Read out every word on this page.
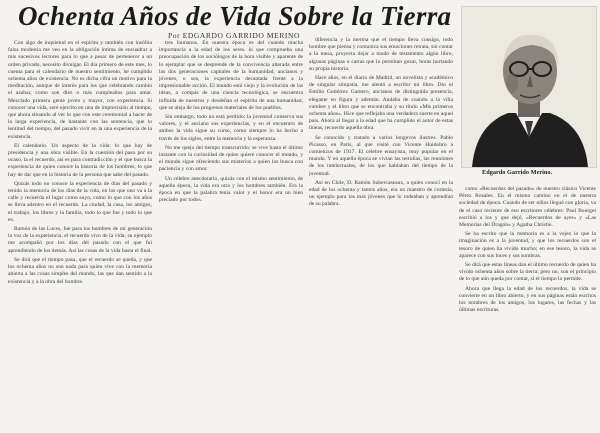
Ochenta Años de Vida Sobre la Tierra
Por EDGARDO GARRIDO MERINO
Edgardo Garrido Merino.

Con algo de inquietud en el espíritu y también con insólita falsa modestia me veo en la obligación íntima de encuadrar a mis sucesivos lectores para lo que a pesar de pertenecer a un orden privado, necesito divulgar. El día primero de este mes, lo cuenta para el calendario de nuestro sentimiento, he cumplido ochenta años de existencia. No es dicha cifra un motivo para la meditación, aunque de interés para los que celebrando cambio el azahar, como son diez o más cumpleaños para amar. Mezclado primera gente joven y mayor, con experiencia. Si conocer una vida, seré ejercito en una de imprecisión al tiempo, que ahora situando al ver lo que con este ceremonial a hacer de la larga experiencia, de bastante con las sentencia, que lo lentitud del tiempo, del pasado vivir en la una experiencia de la existencia.

El calendario. Un aspecto de la vida: lo que hay de presidencia y una obra visible. En la cuestión del paso por su ocaso, la el recuerdo, así es para contradicción y el que busca la experiencia de quien conoce la historia de los hombres; lo que hay de dar que en la historia de la persona que sabe del pasado.

Quizás todo no conoce la experiencia de días del pasado y tenido la memoria de los días de la vida, en los que uno va a la calle y recuerda el lugar como suyo, como lo que con los años se lleva adentro en el recuerdo. La ciudad, la casa, los amigos, el trabajo, los libros y la familia, todo lo que fue y todo lo que es.

Ramón de las Luces, fue para los hombres de mi generación la voz de la experiencia, el recuerdo vivo de la vida; su ejemplo me acompañó por los días del pasado con el que fui aprendiendo de los demás. Así las cosas de la vida hasta el final.

Se dirá que el tiempo pasa, que el recuerdo se queda, y que los ochenta años no son nada para quien vive con la memoria abierta a las cosas simples del mundo, las que dan sentido a la existencia y a la obra del hombre.

tres humanos. En nuestra época es del cuando mucha importancia a la edad de los seres. lo que comprueba una preocupación de los sociólogos de la hora visible y aparente de lo ejemplar que se desprende de la convivencia alterada entre las dos generaciones capitales de la humanidad, ancianos y jóvenes, o sea, la experiencia decantada frente a la impresionable acción. El mundo está viejo y la evolución de las ideas, a compás de una ciencia tecnológica, se encuentra influida de nuestros y desdeñan el espíritu de una humanidad, que se aleja de los progresos materiales de los pueblos.

Sin embargo, todo no está perdido; la juventud conserva sus valores, y el anciano sus experiencias, y en el encuentro de ambos la vida sigue su curso, como siempre lo ha hecho a través de los siglos, entre la memoria y la esperanza.

No me quejo del tiempo transcurrido; se vive hasta el último instante con la curiosidad de quien quiere conocer el mundo, y el mundo sigue ofreciendo sus misterios a quien los busca con paciencia y con amor.

Un célebre anecdotario, quizás con el mismo sentimiento, de aquella época, la vida era otra y los hombres también. Era la época en que la palabra tenía valor y el honor era un bien preciado por todos.

diferencia y la merma que el tiempo lleva consigo, todo hombre que piensa y comunica sus emociones retrata, sin contar a la mesa, proyecta dejar a modo de testamento algún libro, algunas páginas o cartas que lo permitan gozar, horas hurtando su propia historia.

Hace años, en el diario de Madrid, un novelista y académico de singular simpatía, me alentó a escribir mi libro. Dio el Emilio Gutiérrez Gamero, ancianos de distinguida presencia, elegante en figura y ademán. Andaba de cuando a la villa cumbre y el libro que se encontraba y su título «Mis primeros ochenta años». Hice que reflejaba una verdadera suerte en aquel país. Ahora al llegar a la edad que ha cumplido el autor de estas líneas, recuerdo aquella obra.

Se conocido y tratado a varios longevos ilustres. Pablo Picasso, en París, al que visité con Vicente Huidobro a comienzos de 1917. El célebre ensayista, muy popular en el mundo. Y en aquella época se vivían las tertulias, las reuniones de los intelectuales, de los que hablaban del tiempo de la juventud.

Así en Chile, D. Ramón Subercaseaux, a quien conocí en la edad de los ochenta y tantos años, era un maestro de cortesía, un ejemplo para los más jóvenes que lo rodeaban y aprendían de su palabra.

como «Recuerdos del pasado» de nuestro clásico Vicente Pérez Rosales. En el mismo camino en el de nuestra sociedad de época. Cuando de ser niños llegué con gloria, va de el caso reciente de eso escritores célebres: Paul Bourget escribió a los y que dejó, «Recuerdos de ayer» y «Las Memorias del Dragón» y Agatha Christie.

Se ha escrito que la memoria es a la vejez lo que la imaginación es a la juventud, y que los recuerdos son el tesoro de quien ha vivido mucho; en ese tesoro, la vida se aparece con sus luces y sus sombras.

Se dirá que estas líneas dan el último recuerdo de quien ha vivido ochenta años sobre la tierra; pero no, son el principio de lo que aún queda por contar, si el tiempo lo permite.

Ahora que llega la edad de los recuerdos, la vida se convierte en un libro abierto, y en sus páginas están escritos los nombres de los amigos, los lugares, las fechas y las últimas escrituras.
